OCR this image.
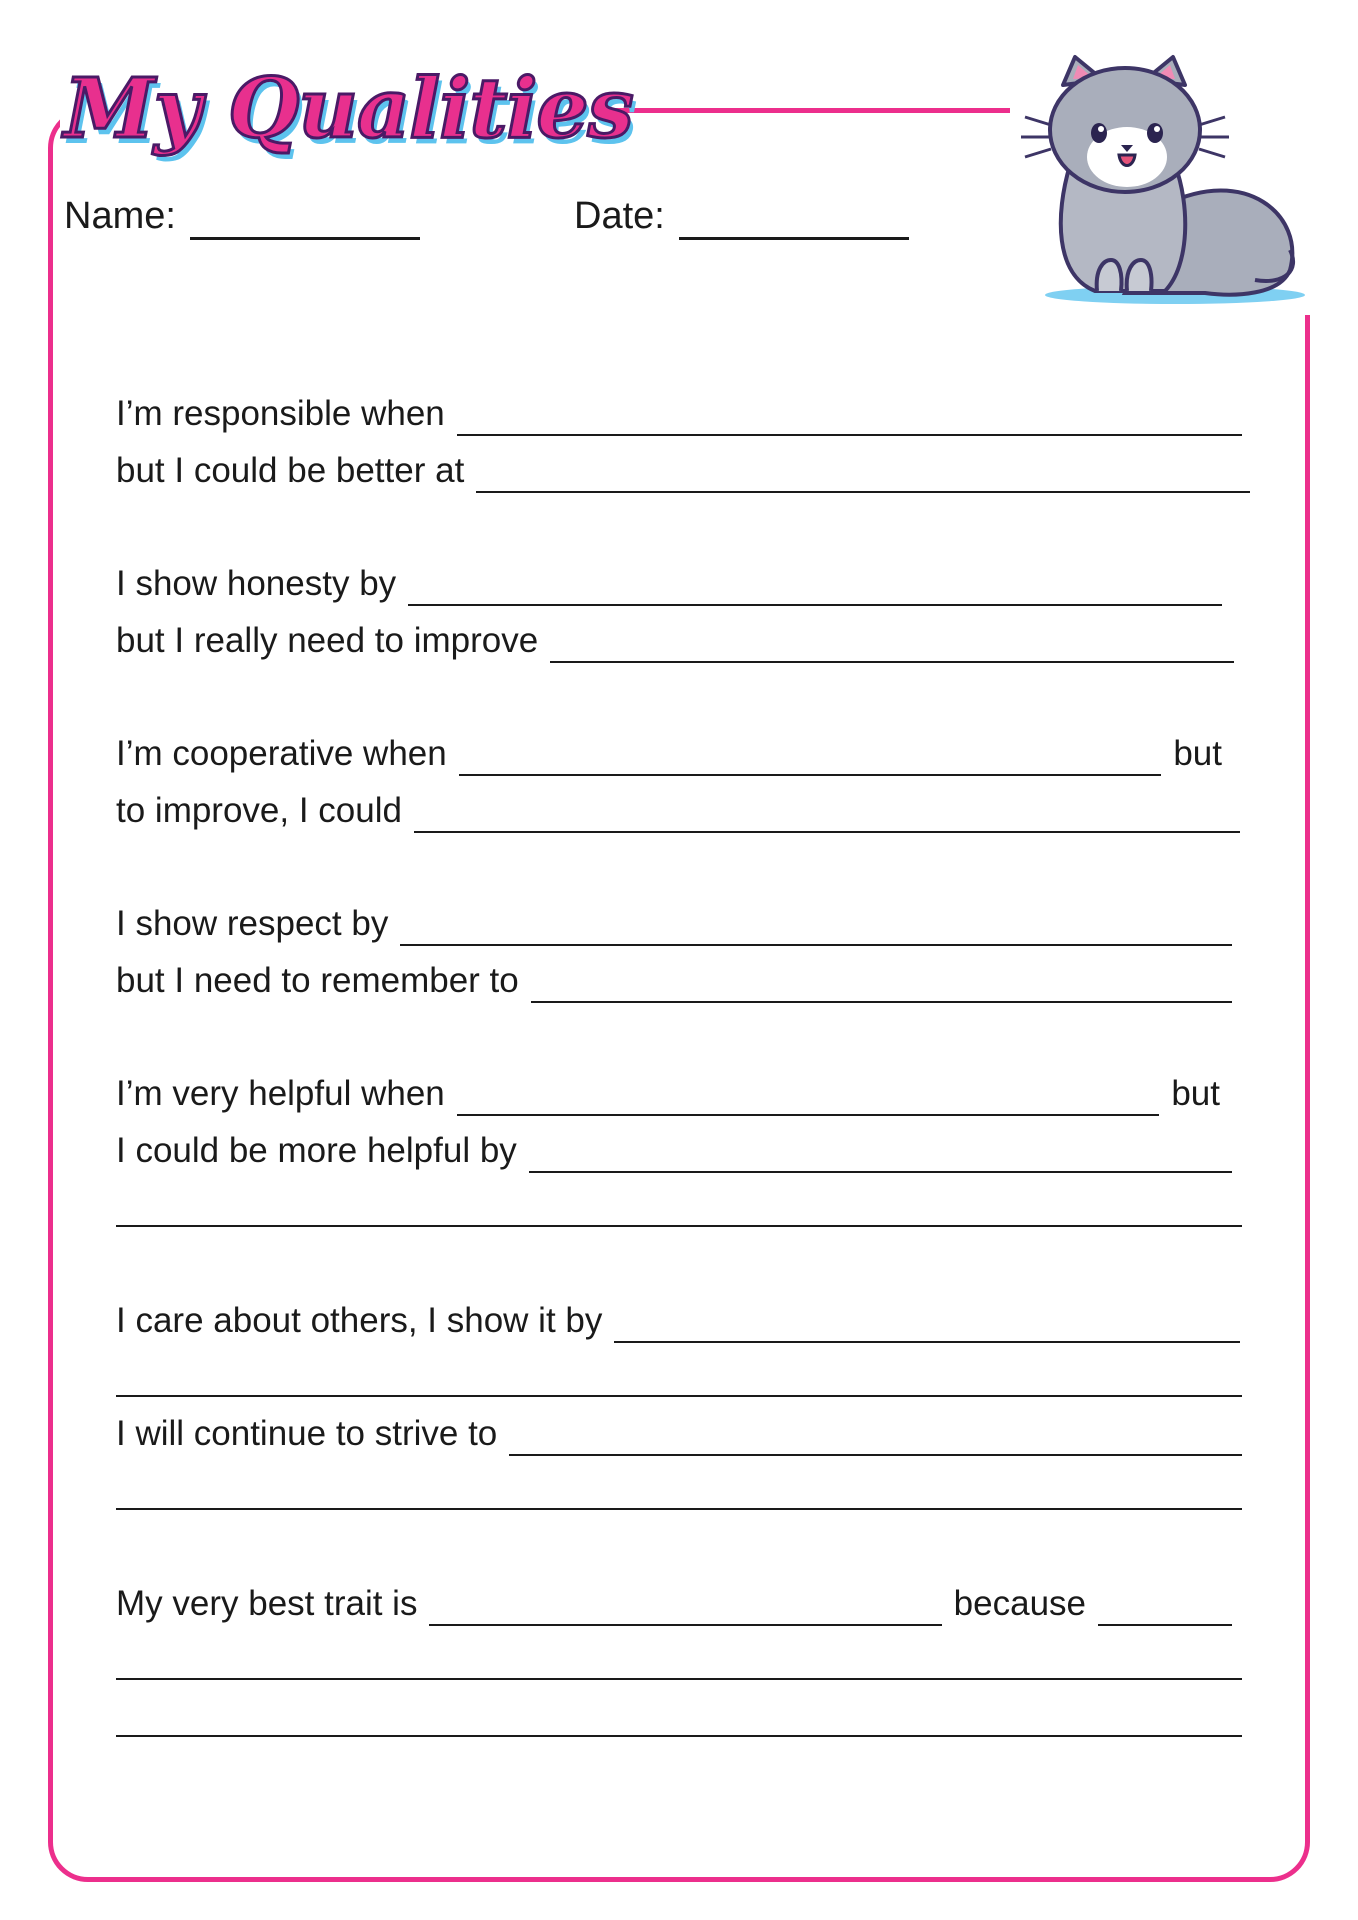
My Qualities
Name:	Date:
I’m responsible when
but I could be better at
I show honesty by
but I really need to improve
I’m cooperative when	but
to improve, I could
I show respect by
but I need to remember to
I’m very helpful when	but
I could be more helpful by
I care about others, I show it by
I will continue to strive to
My very best trait is	because
